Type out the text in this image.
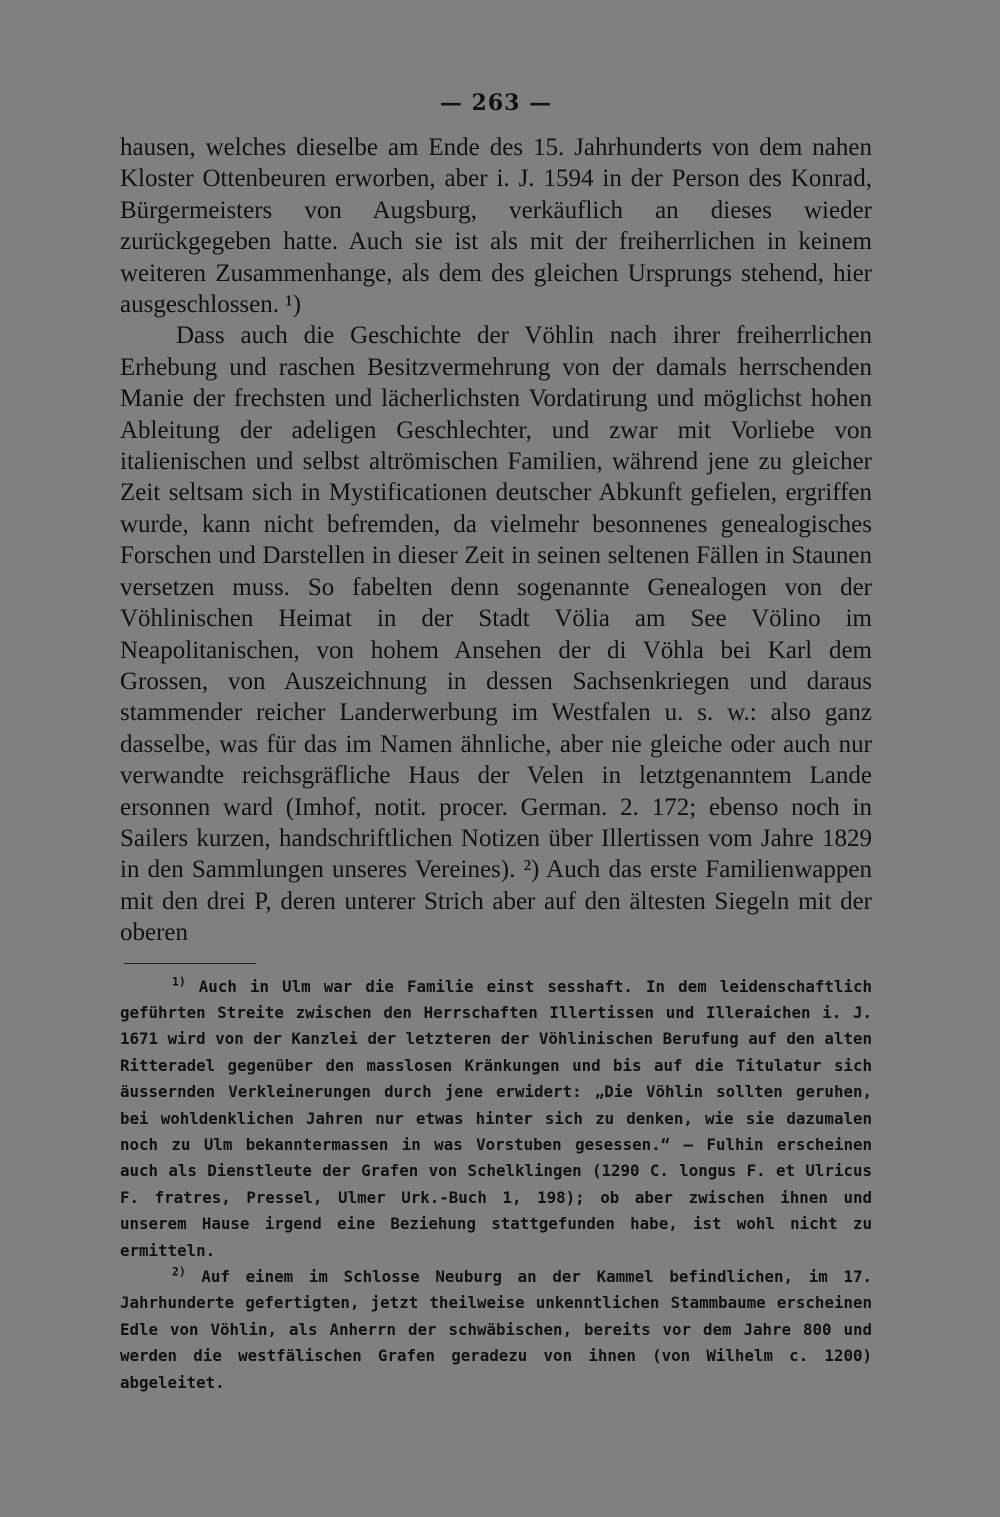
— 263 —

hausen, welches dieselbe am Ende des 15. Jahrhunderts von dem nahen Kloster Ottenbeuren erworben, aber i. J. 1594 in der Person des Konrad, Bürgermeisters von Augsburg, verkäuflich an dieses wieder zurückgegeben hatte. Auch sie ist als mit der freiherrlichen in keinem weiteren Zusammenhange, als dem des gleichen Ursprungs stehend, hier ausgeschlossen. ¹)

Dass auch die Geschichte der Vöhlin nach ihrer freiherrlichen Erhebung und raschen Besitzvermehrung von der damals herrschenden Manie der frechsten und lächerlichsten Vordatirung und möglichst hohen Ableitung der adeligen Geschlechter, und zwar mit Vorliebe von italienischen und selbst altrömischen Familien, während jene zu gleicher Zeit seltsam sich in Mystificationen deutscher Abkunft gefielen, ergriffen wurde, kann nicht befremden, da vielmehr besonnenes genealogisches Forschen und Darstellen in dieser Zeit in seinen seltenen Fällen in Staunen versetzen muss. So fabelten denn sogenannte Genealogen von der Vöhlinischen Heimat in der Stadt Völia am See Völino im Neapolitanischen, von hohem Ansehen der di Vöhla bei Karl dem Grossen, von Auszeichnung in dessen Sachsenkriegen und daraus stammender reicher Landerwerbung im Westfalen u. s. w.: also ganz dasselbe, was für das im Namen ähnliche, aber nie gleiche oder auch nur verwandte reichsgräfliche Haus der Velen in letztgenanntem Lande ersonnen ward (Imhof, notit. procer. German. 2. 172; ebenso noch in Sailers kurzen, handschriftlichen Notizen über Illertissen vom Jahre 1829 in den Sammlungen unseres Vereines). ²) Auch das erste Familienwappen mit den drei P, deren unterer Strich aber auf den ältesten Siegeln mit der oberen

$^{1)}$ Auch in Ulm war die Familie einst sesshaft. In dem leidenschaftlich geführten Streite zwischen den Herrschaften Illertissen und Illeraichen i. J. 1671 wird von der Kanzlei der letzteren der Vöhlinischen Berufung auf den alten Ritteradel gegenüber den masslosen Kränkungen und bis auf die Titulatur sich äussernden Verkleinerungen durch jene erwidert: „Die Vöhlin sollten geruhen, bei wohldenklichen Jahren nur etwas hinter sich zu denken, wie sie dazumalen noch zu Ulm bekanntermassen in was Vorstuben gesessen.“ — Fulhin erscheinen auch als Dienstleute der Grafen von Schelklingen (1290 C. longus F. et Ulricus F. fratres, Pressel, Ulmer Urk.-Buch 1, 198); ob aber zwischen ihnen und unserem Hause irgend eine Beziehung stattgefunden habe, ist wohl nicht zu ermitteln.

$^{2)}$ Auf einem im Schlosse Neuburg an der Kammel befindlichen, im 17. Jahrhunderte gefertigten, jetzt theilweise unkenntlichen Stammbaume erscheinen Edle von Vöhlin, als Anherrn der schwäbischen, bereits vor dem Jahre 800 und werden die westfälischen Grafen geradezu von ihnen (von Wilhelm c. 1200) abgeleitet.
